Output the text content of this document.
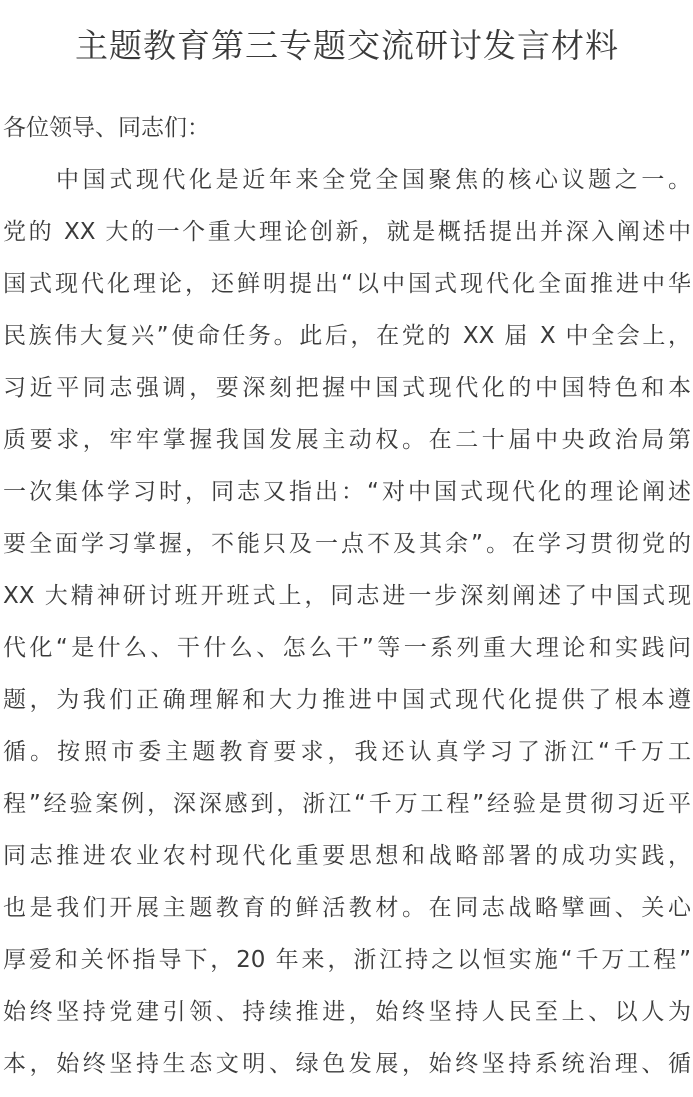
主题教育第三专题交流研讨发言材料

各位领导、同志们：

中国式现代化是近年来全党全国聚焦的核心议题之一。
党的 XX 大的一个重大理论创新，就是概括提出并深入阐述中
国式现代化理论，还鲜明提出“以中国式现代化全面推进中华
民族伟大复兴”使命任务。此后，在党的 XX 届 X 中全会上，
习近平同志强调，要深刻把握中国式现代化的中国特色和本
质要求，牢牢掌握我国发展主动权。在二十届中央政治局第
一次集体学习时，同志又指出：“对中国式现代化的理论阐述
要全面学习掌握，不能只及一点不及其余”。在学习贯彻党的
XX 大精神研讨班开班式上，同志进一步深刻阐述了中国式现
代化“是什么、干什么、怎么干”等一系列重大理论和实践问
题，为我们正确理解和大力推进中国式现代化提供了根本遵
循。按照市委主题教育要求，我还认真学习了浙江“千万工
程”经验案例，深深感到，浙江“千万工程”经验是贯彻习近平
同志推进农业农村现代化重要思想和战略部署的成功实践，
也是我们开展主题教育的鲜活教材。在同志战略擘画、关心
厚爱和关怀指导下，20 年来，浙江持之以恒实施“千万工程”
始终坚持党建引领、持续推进，始终坚持人民至上、以人为
本，始终坚持生态文明、绿色发展，始终坚持系统治理、循
